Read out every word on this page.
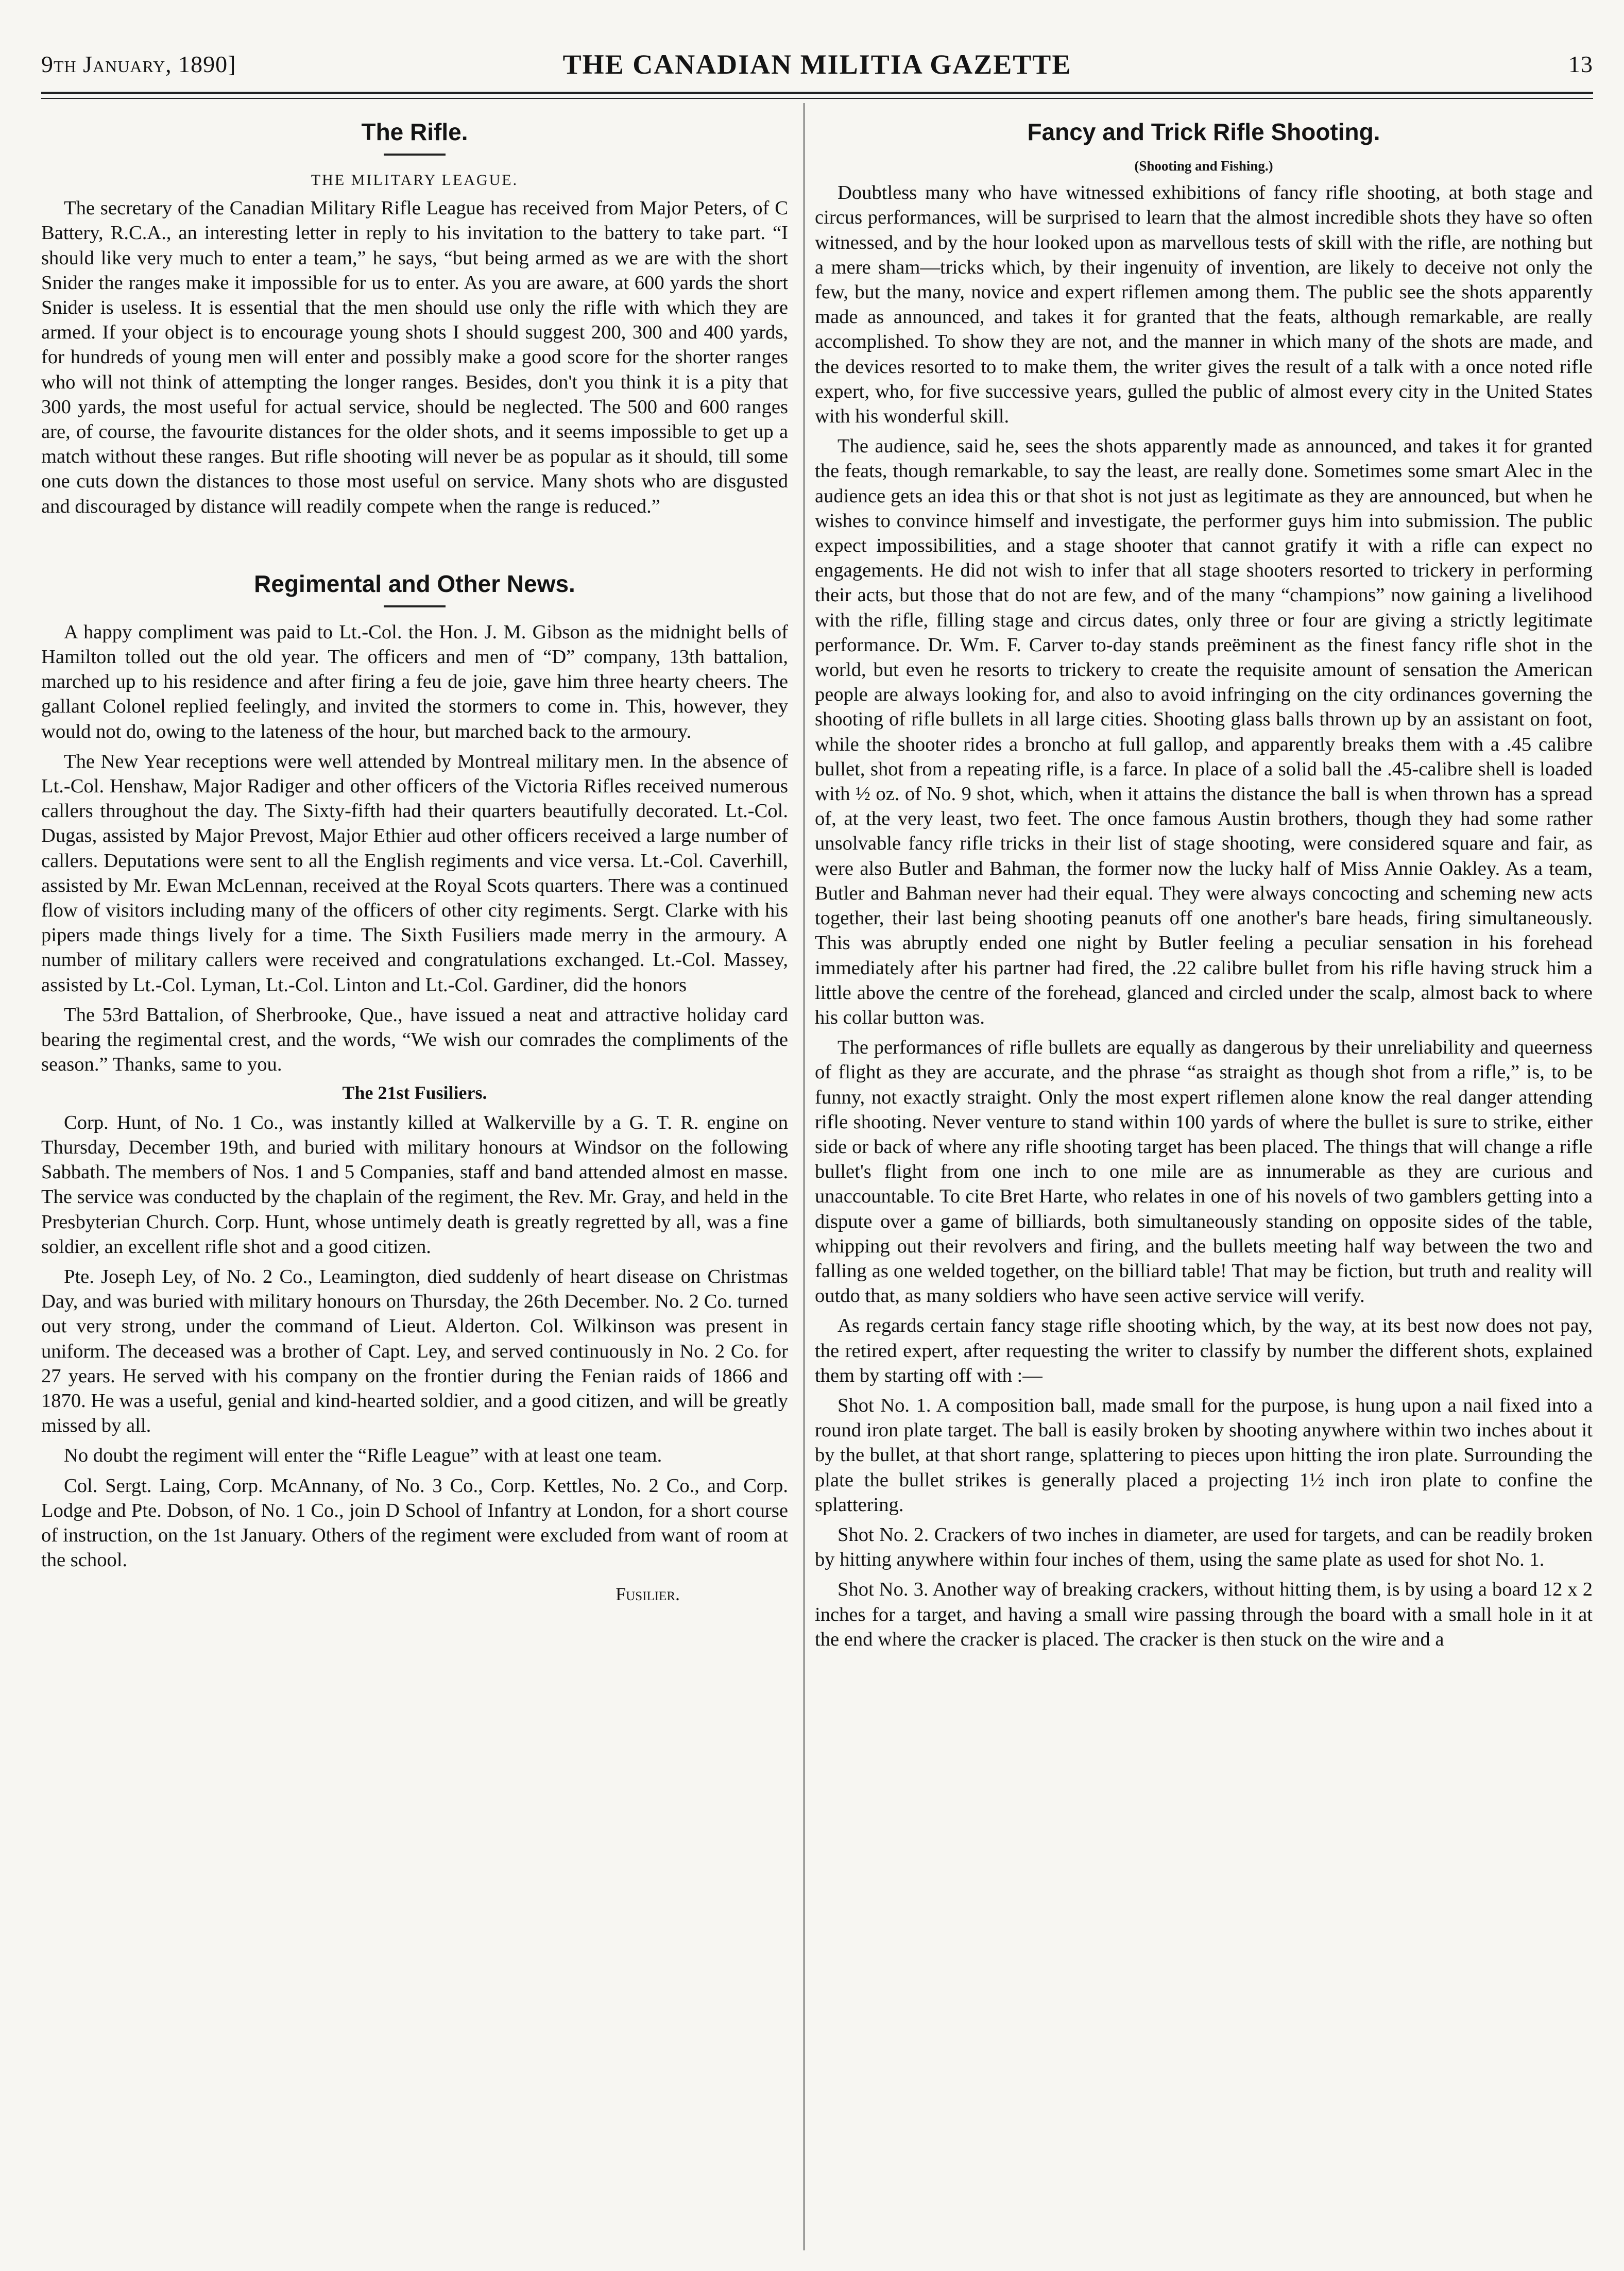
9th January, 1890]	THE CANADIAN MILITIA GAZETTE	13
The Rifle.
THE MILITARY LEAGUE.

The secretary of the Canadian Military Rifle League has received from Major Peters, of C Battery, R.C.A., an interesting letter in reply to his invitation to the battery to take part. “I should like very much to enter a team,” he says, “but being armed as we are with the short Snider the ranges make it impossible for us to enter. As you are aware, at 600 yards the short Snider is useless. It is essential that the men should use only the rifle with which they are armed. If your object is to encourage young shots I should suggest 200, 300 and 400 yards, for hundreds of young men will enter and possibly make a good score for the shorter ranges who will not think of attempting the longer ranges. Besides, don't you think it is a pity that 300 yards, the most useful for actual service, should be neglected. The 500 and 600 ranges are, of course, the favourite distances for the older shots, and it seems impossible to get up a match without these ranges. But rifle shooting will never be as popular as it should, till some one cuts down the distances to those most useful on service. Many shots who are disgusted and discouraged by distance will readily compete when the range is reduced.”

Regimental and Other News.

A happy compliment was paid to Lt.-Col. the Hon. J. M. Gibson as the midnight bells of Hamilton tolled out the old year. The officers and men of “D” company, 13th battalion, marched up to his residence and after firing a feu de joie, gave him three hearty cheers. The gallant Colonel replied feelingly, and invited the stormers to come in. This, however, they would not do, owing to the lateness of the hour, but marched back to the armoury.

The New Year receptions were well attended by Montreal military men. In the absence of Lt.-Col. Henshaw, Major Radiger and other officers of the Victoria Rifles received numerous callers throughout the day. The Sixty-fifth had their quarters beautifully decorated. Lt.-Col. Dugas, assisted by Major Prevost, Major Ethier aud other officers received a large number of callers. Deputations were sent to all the English regiments and vice versa. Lt.-Col. Caverhill, assisted by Mr. Ewan McLennan, received at the Royal Scots quarters. There was a continued flow of visitors including many of the officers of other city regiments. Sergt. Clarke with his pipers made things lively for a time. The Sixth Fusiliers made merry in the armoury. A number of military callers were received and congratulations exchanged. Lt.-Col. Massey, assisted by Lt.-Col. Lyman, Lt.-Col. Linton and Lt.-Col. Gardiner, did the honors

The 53rd Battalion, of Sherbrooke, Que., have issued a neat and attractive holiday card bearing the regimental crest, and the words, “We wish our comrades the compliments of the season.” Thanks, same to you.

The 21st Fusiliers.

Corp. Hunt, of No. 1 Co., was instantly killed at Walkerville by a G. T. R. engine on Thursday, December 19th, and buried with military honours at Windsor on the following Sabbath. The members of Nos. 1 and 5 Companies, staff and band attended almost en masse. The service was conducted by the chaplain of the regiment, the Rev. Mr. Gray, and held in the Presbyterian Church. Corp. Hunt, whose untimely death is greatly regretted by all, was a fine soldier, an excellent rifle shot and a good citizen.

Pte. Joseph Ley, of No. 2 Co., Leamington, died suddenly of heart disease on Christmas Day, and was buried with military honours on Thursday, the 26th December. No. 2 Co. turned out very strong, under the command of Lieut. Alderton. Col. Wilkinson was present in uniform. The deceased was a brother of Capt. Ley, and served continuously in No. 2 Co. for 27 years. He served with his company on the frontier during the Fenian raids of 1866 and 1870. He was a useful, genial and kind-hearted soldier, and a good citizen, and will be greatly missed by all.

No doubt the regiment will enter the “Rifle League” with at least one team.

Col. Sergt. Laing, Corp. McAnnany, of No. 3 Co., Corp. Kettles, No. 2 Co., and Corp. Lodge and Pte. Dobson, of No. 1 Co., join D School of Infantry at London, for a short course of instruction, on the 1st January. Others of the regiment were excluded from want of room at the school.

Fusilier.
Fancy and Trick Rifle Shooting.
(Shooting and Fishing.)

Doubtless many who have witnessed exhibitions of fancy rifle shooting, at both stage and circus performances, will be surprised to learn that the almost incredible shots they have so often witnessed, and by the hour looked upon as marvellous tests of skill with the rifle, are nothing but a mere sham—tricks which, by their ingenuity of invention, are likely to deceive not only the few, but the many, novice and expert riflemen among them. The public see the shots apparently made as announced, and takes it for granted that the feats, although remarkable, are really accomplished. To show they are not, and the manner in which many of the shots are made, and the devices resorted to to make them, the writer gives the result of a talk with a once noted rifle expert, who, for five successive years, gulled the public of almost every city in the United States with his wonderful skill.

The audience, said he, sees the shots apparently made as announced, and takes it for granted the feats, though remarkable, to say the least, are really done. Sometimes some smart Alec in the audience gets an idea this or that shot is not just as legitimate as they are announced, but when he wishes to convince himself and investigate, the performer guys him into submission. The public expect impossibilities, and a stage shooter that cannot gratify it with a rifle can expect no engagements. He did not wish to infer that all stage shooters resorted to trickery in performing their acts, but those that do not are few, and of the many “champions” now gaining a livelihood with the rifle, filling stage and circus dates, only three or four are giving a strictly legitimate performance. Dr. Wm. F. Carver to-day stands preëminent as the finest fancy rifle shot in the world, but even he resorts to trickery to create the requisite amount of sensation the American people are always looking for, and also to avoid infringing on the city ordinances governing the shooting of rifle bullets in all large cities. Shooting glass balls thrown up by an assistant on foot, while the shooter rides a broncho at full gallop, and apparently breaks them with a .45 calibre bullet, shot from a repeating rifle, is a farce. In place of a solid ball the .45-calibre shell is loaded with ½ oz. of No. 9 shot, which, when it attains the distance the ball is when thrown has a spread of, at the very least, two feet. The once famous Austin brothers, though they had some rather unsolvable fancy rifle tricks in their list of stage shooting, were considered square and fair, as were also Butler and Bahman, the former now the lucky half of Miss Annie Oakley. As a team, Butler and Bahman never had their equal. They were always concocting and scheming new acts together, their last being shooting peanuts off one another's bare heads, firing simultaneously. This was abruptly ended one night by Butler feeling a peculiar sensation in his forehead immediately after his partner had fired, the .22 calibre bullet from his rifle having struck him a little above the centre of the forehead, glanced and circled under the scalp, almost back to where his collar button was.

The performances of rifle bullets are equally as dangerous by their unreliability and queerness of flight as they are accurate, and the phrase “as straight as though shot from a rifle,” is, to be funny, not exactly straight. Only the most expert riflemen alone know the real danger attending rifle shooting. Never venture to stand within 100 yards of where the bullet is sure to strike, either side or back of where any rifle shooting target has been placed. The things that will change a rifle bullet's flight from one inch to one mile are as innumerable as they are curious and unaccountable. To cite Bret Harte, who relates in one of his novels of two gamblers getting into a dispute over a game of billiards, both simultaneously standing on opposite sides of the table, whipping out their revolvers and firing, and the bullets meeting half way between the two and falling as one welded together, on the billiard table! That may be fiction, but truth and reality will outdo that, as many soldiers who have seen active service will verify.

As regards certain fancy stage rifle shooting which, by the way, at its best now does not pay, the retired expert, after requesting the writer to classify by number the different shots, explained them by starting off with :—

Shot No. 1. A composition ball, made small for the purpose, is hung upon a nail fixed into a round iron plate target. The ball is easily broken by shooting anywhere within two inches about it by the bullet, at that short range, splattering to pieces upon hitting the iron plate. Surrounding the plate the bullet strikes is generally placed a projecting 1½ inch iron plate to confine the splattering.

Shot No. 2. Crackers of two inches in diameter, are used for targets, and can be readily broken by hitting anywhere within four inches of them, using the same plate as used for shot No. 1.

Shot No. 3. Another way of breaking crackers, without hitting them, is by using a board 12 x 2 inches for a target, and having a small wire passing through the board with a small hole in it at the end where the cracker is placed. The cracker is then stuck on the wire and a
